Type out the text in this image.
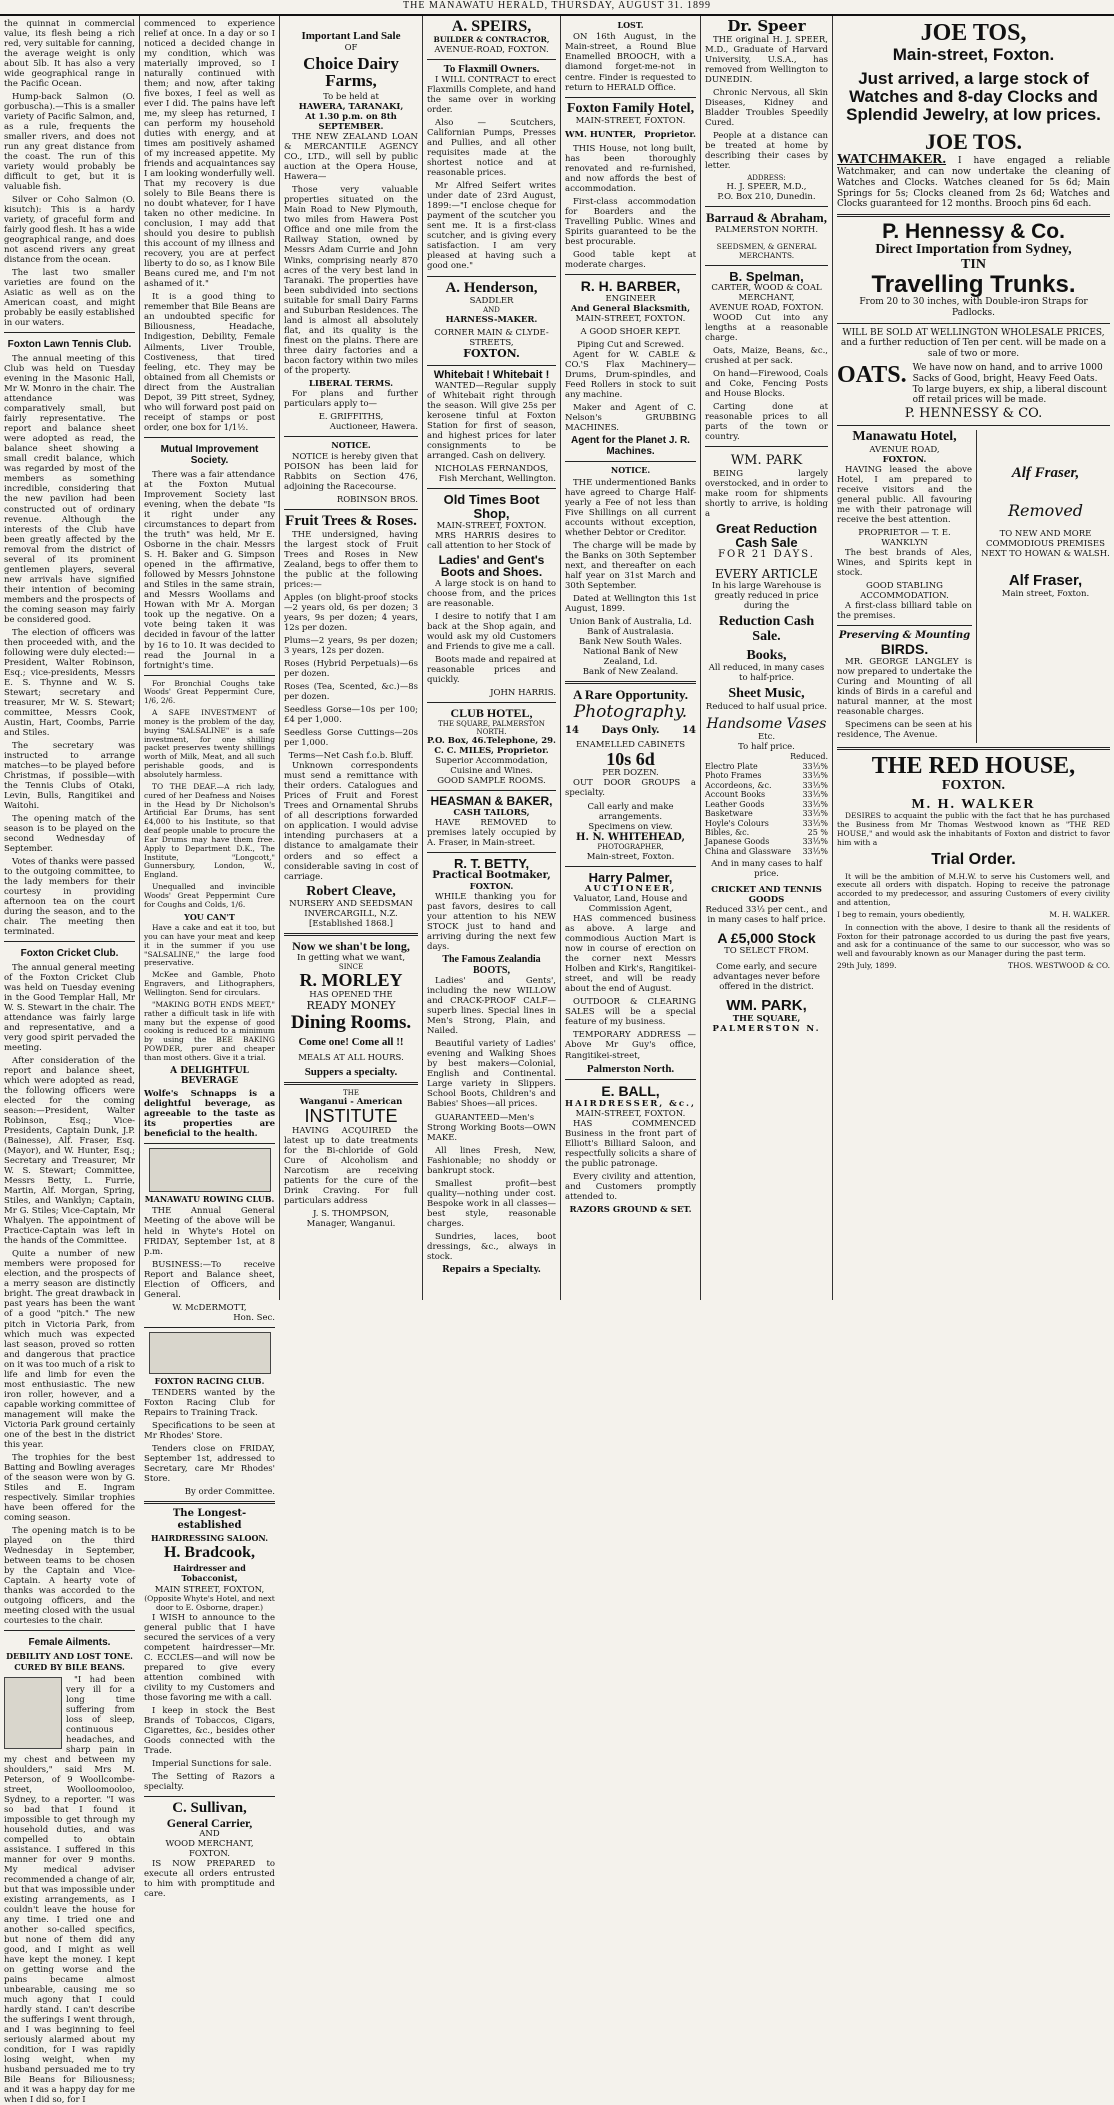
THE MANAWATU HERALD, THURSDAY, AUGUST 31. 1899

the quinnat in commercial value, its flesh being a rich red, very suitable for canning, the average weight is only about 5lb. It has also a very wide geographical range in the Pacific Ocean.

Hump-back Salmon (O. gorbuscha).—This is a smaller variety of Pacific Salmon, and, as a rule, frequents the smaller rivers, and does not run any great distance from the coast. The run of this variety would probably be difficult to get, but it is valuable fish.

Silver or Coho Salmon (O. kisutch): This is a hardy variety, of graceful form and fairly good flesh. It has a wide geographical range, and does not ascend rivers any great distance from the ocean.

The last two smaller varieties are found on the Asiatic as well as on the American coast, and might probably be easily established in our waters.

Foxton Lawn Tennis Club.

The annual meeting of this Club was held on Tuesday evening in the Masonic Hall, Mr W. Monro in the chair. The attendance was comparatively small, but fairly representative. The report and balance sheet were adopted as read, the balance sheet showing a small credit balance, which was regarded by most of the members as something incredible, considering that the new pavilion had been constructed out of ordinary revenue. Although the interests of the Club have been greatly affected by the removal from the district of several of its prominent gentlemen players, several new arrivals have signified their intention of becoming members and the prospects of the coming season may fairly be considered good.

The election of officers was then proceeded with, and the following were duly elected:—President, Walter Robinson, Esq.; vice-presidents, Messrs E. S. Thynne and W. S. Stewart; secretary and treasurer, Mr W. S. Stewart; committee, Messrs Cook, Austin, Hart, Coombs, Parrie and Stiles.

The secretary was instructed to arrange matches—to be played before Christmas, if possible—with the Tennis Clubs of Otaki, Levin, Bulls, Rangitikei and Waitohi.

The opening match of the season is to be played on the second Wednesday of September.

Votes of thanks were passed to the outgoing committee, to the lady members for their courtesy in providing afternoon tea on the court during the season, and to the chair. The meeting then terminated.

Foxton Cricket Club.

The annual general meeting of the Foxton Cricket Club was held on Tuesday evening in the Good Templar Hall, Mr W. S. Stewart in the chair. The attendance was fairly large and representative, and a very good spirit pervaded the meeting.

After consideration of the report and balance sheet, which were adopted as read, the following officers were elected for the coming season:—President, Walter Robinson, Esq.; Vice-Presidents, Captain Dunk, J.P. (Bainesse), Alf. Fraser, Esq. (Mayor), and W. Hunter, Esq.; Secretary and Treasurer, Mr W. S. Stewart; Committee, Messrs Betty, L. Furrie, Martin, Alf. Morgan, Spring, Stiles, and Wanklyn; Captain, Mr G. Stiles; Vice-Captain, Mr Whalyen. The appointment of Practice-Captain was left in the hands of the Committee.

Quite a number of new members were proposed for election, and the prospects of a merry season are distinctly bright. The great drawback in past years has been the want of a good "pitch." The new pitch in Victoria Park, from which much was expected last season, proved so rotten and dangerous that practice on it was too much of a risk to life and limb for even the most enthusiastic. The new iron roller, however, and a capable working committee of management will make the Victoria Park ground certainly one of the best in the district this year.

The trophies for the best Batting and Bowling averages of the season were won by G. Stiles and E. Ingram respectively. Similar trophies have been offered for the coming season.

The opening match is to be played on the third Wednesday in September, between teams to be chosen by the Captain and Vice-Captain. A hearty vote of thanks was accorded to the outgoing officers, and the meeting closed with the usual courtesies to the chair.

Female Ailments.
DEBILITY AND LOST TONE.
CURED BY BILE BEANS.

"I had been very ill for a long time suffering from loss of sleep, continuous headaches, and sharp pain in my chest and between my shoulders," said Mrs M. Peterson, of 9 Woollcombe-street, Woolloomooloo, Sydney, to a reporter. "I was so bad that I found it impossible to get through my household duties, and was compelled to obtain assistance. I suffered in this manner for over 9 months. My medical adviser recommended a change of air, but that was impossible under existing arrangements, as I couldn't leave the house for any time. I tried one and another so-called specifics, but none of them did any good, and I might as well have kept the money. I kept on getting worse and the pains became almost unbearable, causing me so much agony that I could hardly stand. I can't describe the sufferings I went through, and I was beginning to feel seriously alarmed about my condition, for I was rapidly losing weight, when my husband persuaded me to try Bile Beans for Biliousness; and it was a happy day for me when I did so, for I

commenced to experience relief at once. In a day or so I noticed a decided change in my condition, which was materially improved, so I naturally continued with them; and now, after taking five boxes, I feel as well as ever I did. The pains have left me, my sleep has returned, I can perform my household duties with energy, and at times am positively ashamed of my increased appetite. My friends and acquaintances say I am looking wonderfully well. That my recovery is due solely to Bile Beans there is no doubt whatever, for I have taken no other medicine. In conclusion, I may add that should you desire to publish this account of my illness and recovery, you are at perfect liberty to do so, as I know Bile Beans cured me, and I'm not ashamed of it."

It is a good thing to remember that Bile Beans are an undoubted specific for Biliousness, Headache, Indigestion, Debility, Female Ailments, Liver Trouble, Costiveness, that tired feeling, etc. They may be obtained from all Chemists or direct from the Australian Depot, 39 Pitt street, Sydney, who will forward post paid on receipt of stamps or post order, one box for 1/1½.

Mutual Improvement Society.

There was a fair attendance at the Foxton Mutual Improvement Society last evening, when the debate "Is it right under any circumstances to depart from the truth" was held, Mr E. Osborne in the chair. Messrs S. H. Baker and G. Simpson opened in the affirmative, followed by Messrs Johnstone and Stiles in the same strain, and Messrs Woollams and Howan with Mr A. Morgan took up the negative. On a vote being taken it was decided in favour of the latter by 16 to 10. It was decided to read the Journal in a fortnight's time.

For Bronchial Coughs take Woods' Great Peppermint Cure, 1/6, 2/6.

A SAFE INVESTMENT of money is the problem of the day, buying "SALSALINE" is a safe investment, for one shilling packet preserves twenty shillings worth of Milk, Meat, and all such perishable goods, and is absolutely harmless.

TO THE DEAF.—A rich lady, cured of her Deafness and Noises in the Head by Dr Nicholson's Artificial Ear Drums, has sent £4,000 to his Institute, so that deaf people unable to procure the Ear Drums may have them free. Apply to Department D.K., The Institute, "Longcott," Gunnersbury, London, W., England.

Unequalled and invincible Woods' Great Peppermint Cure for Coughs and Colds, 1/6.

YOU CAN'T

Have a cake and eat it too, but you can have your meat and keep it in the summer if you use "SALSALINE," the large food preservative.

McKee and Gamble, Photo Engravers, and Lithographers, Wellington. Send for circulars.

"MAKING BOTH ENDS MEET," rather a difficult task in life with many but the expense of good cooking is reduced to a minimum by using the BEE BAKING POWDER, purer and cheaper than most others. Give it a trial.

A DELIGHTFUL BEVERAGE

Wolfe's Schnapps is a delightful beverage, as agreeable to the taste as its properties are beneficial to the health.

MANAWATU ROWING CLUB.

THE Annual General Meeting of the above will be held in Whyte's Hotel on FRIDAY, September 1st, at 8 p.m.

BUSINESS:—To receive Report and Balance sheet, Election of Officers, and General.

W. McDERMOTT,
Hon. Sec.
FOXTON RACING CLUB.

TENDERS wanted by the Foxton Racing Club for Repairs to Training Track.

Specifications to be seen at Mr Rhodes' Store.

Tenders close on FRIDAY, September 1st, addressed to Secretary, care Mr Rhodes' Store.

By order Committee.
The Longest-established
HAIRDRESSING SALOON.
H. Bradcook,
Hairdresser and Tobacconist,
MAIN STREET, FOXTON,
(Opposite Whyte's Hotel, and next door to E. Osborne, draper.)

I WISH to announce to the general public that I have secured the services of a very competent hairdresser—Mr. C. ECCLES—and will now be prepared to give every attention combined with civility to my Customers and those favoring me with a call.

I keep in stock the Best Brands of Tobaccos, Cigars, Cigarettes, &c., besides other Goods connected with the Trade.

Imperial Sunctions for sale.

The Setting of Razors a specialty.

C. Sullivan,
General Carrier,
AND
WOOD MERCHANT,
FOXTON.

IS NOW PREPARED to execute all orders entrusted to him with promptitude and care.

Important Land Sale
OF
Choice Dairy Farms,
To be held at
HAWERA, TARANAKI,
At 1.30 p.m. on 8th SEPTEMBER.

THE NEW ZEALAND LOAN & MERCANTILE AGENCY CO., LTD., will sell by public auction at the Opera House, Hawera—

Those very valuable properties situated on the Main Road to New Plymouth, two miles from Hawera Post Office and one mile from the Railway Station, owned by Messrs Adam Currie and John Winks, comprising nearly 870 acres of the very best land in Taranaki. The properties have been subdivided into sections suitable for small Dairy Farms and Suburban Residences. The land is almost all absolutely flat, and its quality is the finest on the plains. There are three dairy factories and a bacon factory within two miles of the property.

LIBERAL TERMS.

For plans and further particulars apply to—

E. GRIFFITHS,
Auctioneer, Hawera.
NOTICE.

NOTICE is hereby given that POISON has been laid for Rabbits on Section 476, adjoining the Racecourse.

ROBINSON BROS.
Fruit Trees & Roses.

THE undersigned, having the largest stock of Fruit Trees and Roses in New Zealand, begs to offer them to the public at the following prices:—

Apples (on blight-proof stocks—2 years old, 6s per dozen; 3 years, 9s per dozen; 4 years, 12s per dozen.

Plums—2 years, 9s per dozen; 3 years, 12s per dozen.

Roses (Hybrid Perpetuals)—6s per dozen.

Roses (Tea, Scented, &c.)—8s per dozen.

Seedless Gorse—10s per 100; £4 per 1,000.

Seedless Gorse Cuttings—20s per 1,000.

Terms—Net Cash f.o.b. Bluff.

Unknown correspondents must send a remittance with their orders. Catalogues and Prices of Fruit and Forest Trees and Ornamental Shrubs of all descriptions forwarded on application. I would advise intending purchasers at a distance to amalgamate their orders and so effect a considerable saving in cost of carriage.

Robert Cleave,
NURSERY AND SEEDSMAN
INVERCARGILL, N.Z.
[Established 1868.]
Now we shan't be long,
In getting what we want,
SINCE
R. MORLEY
HAS OPENED THE
READY MONEY
Dining Rooms.
Come one! Come all !!
MEALS AT ALL HOURS.
Suppers a specialty.
THE
Wanganui - American
INSTITUTE

HAVING ACQUIRED the latest up to date treatments for the Bi-chloride of Gold Cure of Alcoholism and Narcotism are receiving patients for the cure of the Drink Craving. For full particulars address

J. S. THOMPSON,
Manager, Wanganui.
A. SPEIRS,
BUILDER & CONTRACTOR,
AVENUE-ROAD, FOXTON.
To Flaxmill Owners.

I WILL CONTRACT to erect Flaxmills Complete, and hand the same over in working order.

Also — Scutchers, Californian Pumps, Presses and Pullies, and all other requisites made at the shortest notice and at reasonable prices.

Mr Alfred Seifert writes under date of 23rd August, 1899:—"I enclose cheque for payment of the scutcher you sent me. It is a first-class scutcher, and is giving every satisfaction. I am very pleased at having such a good one."

A. Henderson,
SADDLER
AND
HARNESS-MAKER.
CORNER MAIN & CLYDE-STREETS,
FOXTON.
Whitebait ! Whitebait !

WANTED—Regular supply of Whitebait right through the season. Will give 25s per kerosene tinful at Foxton Station for first of season, and highest prices for later consignments to be arranged. Cash on delivery.

NICHOLAS FERNANDOS,
Fish Merchant, Wellington.
Old Times Boot Shop,
MAIN-STREET, FOXTON.

MRS HARRIS desires to call attention to her Stock of

Ladies' and Gent's Boots and Shoes.

A large stock is on hand to choose from, and the prices are reasonable.

I desire to notify that I am back at the Shop again, and would ask my old Customers and Friends to give me a call.

Boots made and repaired at reasonable prices and quickly.

JOHN HARRIS.
CLUB HOTEL,
THE SQUARE, PALMERSTON NORTH.
P.O. Box, 46. Telephone, 29.
C. C. MILES, Proprietor.
Superior Accommodation, Cuisine and Wines.
GOOD SAMPLE ROOMS.
HEASMAN & BAKER,
CASH TAILORS,

HAVE REMOVED to premises lately occupied by A. Fraser, in Main-street.

R. T. BETTY,
Practical Bootmaker,
FOXTON.

WHILE thanking you for past favors, desires to call your attention to his NEW STOCK just to hand and arriving during the next few days.

The Famous Zealandia BOOTS,

Ladies' and Gents', including the new WILLOW and CRACK-PROOF CALF—superb lines. Special lines in Men's Strong, Plain, and Nailed.

Beautiful variety of Ladies' evening and Walking Shoes by best makers—Colonial, English and Continental. Large variety in Slippers. School Boots, Children's and Babies' Shoes—all prices.

GUARANTEED—Men's Strong Working Boots—OWN MAKE.

All lines Fresh, New, Fashionable; no shoddy or bankrupt stock.

Smallest profit—best quality—nothing under cost. Bespoke work in all classes—best style, reasonable charges.

Sundries, laces, boot dressings, &c., always in stock.

Repairs a Specialty.
LOST.

ON 16th August, in the Main-street, a Round Blue Enamelled BROOCH, with a diamond forget-me-not in centre. Finder is requested to return to HERALD Office.

Foxton Family Hotel,
MAIN-STREET, FOXTON.
WM. HUNTER, Proprietor.

THIS House, not long built, has been thoroughly renovated and re-furnished, and now affords the best of accommodation.

First-class accommodation for Boarders and the Travelling Public. Wines and Spirits guaranteed to be the best procurable.

Good table kept at moderate charges.

R. H. BARBER,
ENGINEER
And General Blacksmith,
MAIN-STREET, FOXTON.
A GOOD SHOER KEPT.
Piping Cut and Screwed.

Agent for W. CABLE & CO.'S Flax Machinery—Drums, Drum-spindles, and Feed Rollers in stock to suit any machine.

Maker and Agent of C. Nelson's GRUBBING MACHINES.

Agent for the Planet J. R. Machines.
NOTICE.

THE undermentioned Banks have agreed to Charge Half-yearly a Fee of not less than Five Shillings on all current accounts without exception, whether Debtor or Creditor.

The charge will be made by the Banks on 30th September next, and thereafter on each half year on 31st March and 30th September.

Dated at Wellington this 1st August, 1899.

Union Bank of Australia, Ld.
Bank of Australasia.
Bank New South Wales.
National Bank of New Zealand, Ld.
Bank of New Zealand.
A Rare Opportunity.
Photography.
14 Days Only. 14
ENAMELLED CABINETS
10s 6d
PER DOZEN.

OUT DOOR GROUPS a specialty.

Call early and make arrangements.
Specimens on view.
H. N. WHITEHEAD,
PHOTOGRAPHER,
Main-street, Foxton.
Harry Palmer,
AUCTIONEER,
Valuator, Land, House and Commission Agent,

HAS commenced business as above. A large and commodious Auction Mart is now in course of erection on the corner next Messrs Holben and Kirk's, Rangitikei-street, and will be ready about the end of August.

OUTDOOR & CLEARING SALES will be a special feature of my business.

TEMPORARY ADDRESS — Above Mr Guy's office, Rangitikei-street,

Palmerston North.
E. BALL,
HAIRDRESSER, &c.,
MAIN-STREET, FOXTON.

HAS COMMENCED Business in the front part of Elliott's Billiard Saloon, and respectfully solicits a share of the public patronage.

Every civility and attention, and Customers promptly attended to.

RAZORS GROUND & SET.
Dr. Speer

THE original H. J. SPEER, M.D., Graduate of Harvard University, U.S.A., has removed from Wellington to DUNEDIN.

Chronic Nervous, all Skin Diseases, Kidney and Bladder Troubles Speedily Cured.

People at a distance can be treated at home by describing their cases by letter.

ADDRESS:
H. J. SPEER, M.D.,
P.O. Box 210, Dunedin.
Barraud & Abraham,
PALMERSTON NORTH.
SEEDSMEN, & GENERAL MERCHANTS.
B. Spelman,
CARTER, WOOD & COAL MERCHANT,
AVENUE ROAD, FOXTON.

WOOD Cut into any lengths at a reasonable charge.

Oats, Maize, Beans, &c., crushed at per sack.

On hand—Firewood, Coals and Coke, Fencing Posts and House Blocks.

Carting done at reasonable prices to all parts of the town or country.

WM. PARK

BEING largely overstocked, and in order to make room for shipments shortly to arrive, is holding a

Great Reduction
Cash Sale
FOR 21 DAYS.
EVERY ARTICLE
In his large Warehouse is greatly reduced in price during the
Reduction Cash Sale.
Books,
All reduced, in many cases to half-price.
Sheet Music,
Reduced to half usual price.
Handsome Vases
Etc.
To half price.
Reduced.
Electro Plate	33⅓%
Photo Frames	33⅓%
Accordeons, &c.	33⅓%
Account Books	33⅓%
Leather Goods	33⅓%
Basketware	33⅓%
Hoyle's Colours	33⅓%
Bibles, &c.	25 %
Japanese Goods	33⅓%
China and Glassware 33⅓%
And in many cases to half price.
CRICKET AND TENNIS
GOODS
Reduced 33⅓ per cent., and in many cases to half price.
A £5,000 Stock
TO SELECT FROM.
Come early, and secure advantages never before offered in the district.
WM. PARK,
THE SQUARE,
PALMERSTON N.
JOE TOS,
Main-street, Foxton.
Just arrived, a large stock of Watches and 8-day Clocks and Splendid Jewelry, at low prices.
JOE TOS.

WATCHMAKER. I have engaged a reliable Watchmaker, and can now undertake the cleaning of Watches and Clocks. Watches cleaned for 5s 6d; Main Springs for 5s; Clocks cleaned from 2s 6d; Watches and Clocks guaranteed for 12 months. Brooch pins 6d each.

P. Hennessy & Co.
Direct Importation from Sydney,
TIN
Travelling Trunks.
From 20 to 30 inches, with Double-iron Straps for Padlocks.
WILL BE SOLD AT WELLINGTON WHOLESALE PRICES, and a further reduction of Ten per cent. will be made on a sale of two or more.
OATS. We have now on hand, and to arrive 1000 Sacks of Good, bright, Heavy Feed Oats. To large buyers, ex ship, a liberal discount off retail prices will be made.
P. HENNESSY & CO.
Manawatu Hotel,
AVENUE ROAD,
FOXTON.

HAVING leased the above Hotel, I am prepared to receive visitors and the general public. All favouring me with their patronage will receive the best attention.

PROPRIETOR — T. E. WANKLYN

The best brands of Ales, Wines, and Spirits kept in stock.

GOOD STABLING ACCOMMODATION.

A first-class billiard table on the premises.

Preserving & Mounting
BIRDS.

MR. GEORGE LANGLEY is now prepared to undertake the Curing and Mounting of all kinds of Birds in a careful and natural manner, at the most reasonable charges.

Specimens can be seen at his residence, The Avenue.

Alf Fraser,
Removed
TO NEW AND MORE COMMODIOUS PREMISES NEXT TO HOWAN & WALSH.
Alf Fraser,
Main street, Foxton.
THE RED HOUSE,
FOXTON.
M. H. WALKER

DESIRES to acquaint the public with the fact that he has purchased the Business from Mr Thomas Westwood known as "THE RED HOUSE," and would ask the inhabitants of Foxton and district to favor him with a

Trial Order.

It will be the ambition of M.H.W. to serve his Customers well, and execute all orders with dispatch. Hoping to receive the patronage accorded to my predecessor, and assuring Customers of every civility and attention,

I beg to remain, yours obediently,	M. H. WALKER.

In connection with the above, I desire to thank all the residents of Foxton for their patronage accorded to us during the past five years, and ask for a continuance of the same to our successor, who was so well and favourably known as our Manager during the past term.

29th July, 1899.	THOS. WESTWOOD & CO.
